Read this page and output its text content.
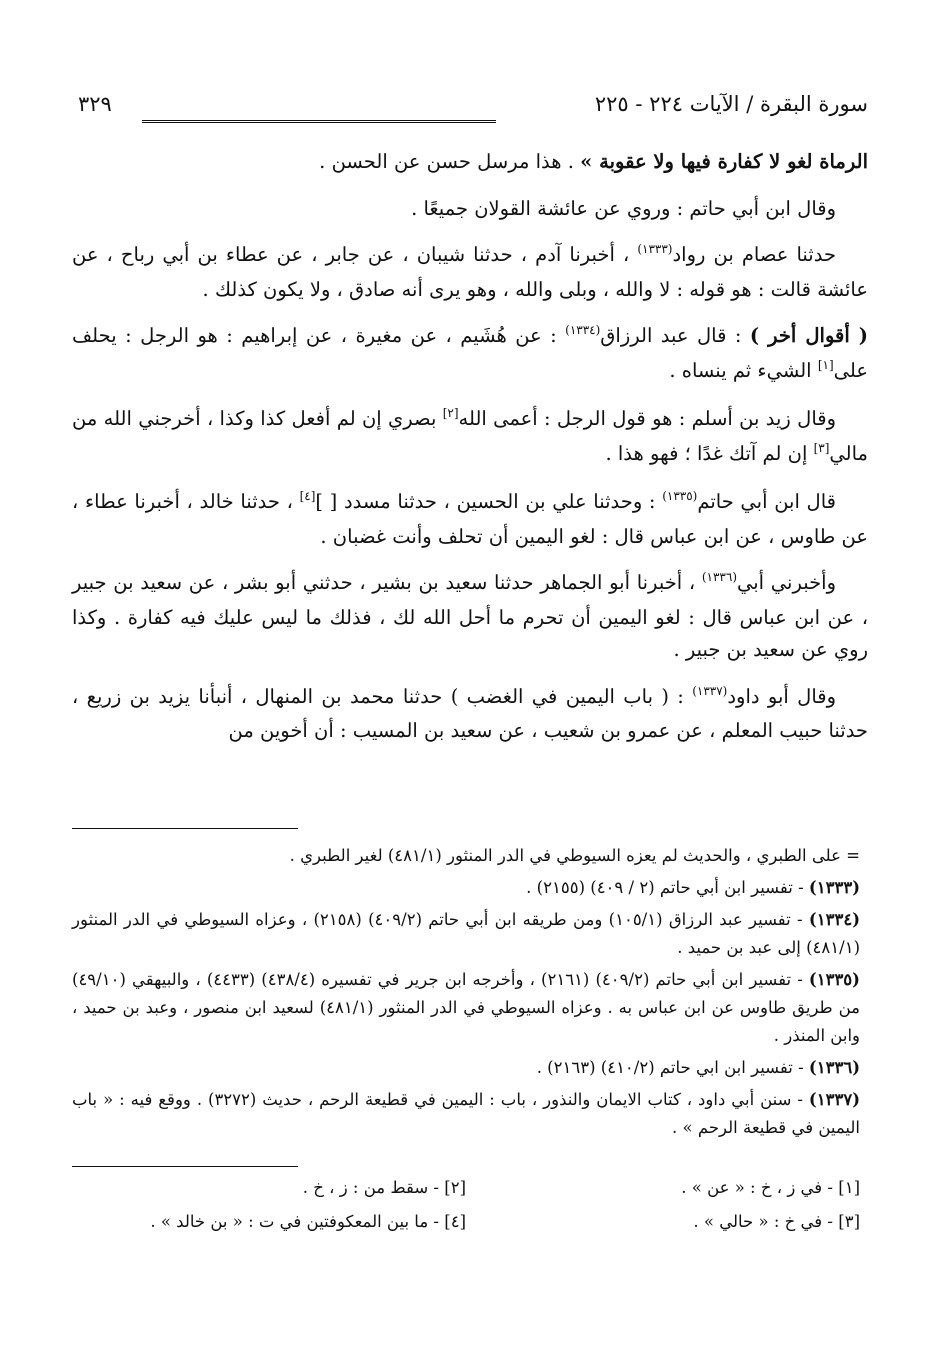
سورة البقرة / الآيات ٢٢٤ - ٢٢٥
٣٢٩

الرماة لغو لا كفارة فيها ولا عقوبة » . هذا مرسل حسن عن الحسن .

وقال ابن أبي حاتم : وروي عن عائشة القولان جميعًا .

حدثنا عصام بن رواد$^{(١٣٣٣)}$ ، أخبرنا آدم ، حدثنا شيبان ، عن جابر ، عن عطاء بن أبي رباح ، عن عائشة قالت : هو قوله : لا والله ، وبلى والله ، وهو يرى أنه صادق ، ولا يكون كذلك .

( أقوال أخر ) : قال عبد الرزاق$^{(١٣٣٤)}$ : عن هُشَيم ، عن مغيرة ، عن إبراهيم : هو الرجل : يحلف على[١] الشيء ثم ينساه .

وقال زيد بن أسلم : هو قول الرجل : أعمى الله[٢] بصري إن لم أفعل كذا وكذا ، أخرجني الله من مالي[٣] إن لم آتك غدًا ؛ فهو هذا .

قال ابن أبي حاتم$^{(١٣٣٥)}$ : وحدثنا علي بن الحسين ، حدثنا مسدد [ ][٤] ، حدثنا خالد ، أخبرنا عطاء ، عن طاوس ، عن ابن عباس قال : لغو اليمين أن تحلف وأنت غضبان .

وأخبرني أبي$^{(١٣٣٦)}$ ، أخبرنا أبو الجماهر حدثنا سعيد بن بشير ، حدثني أبو بشر ، عن سعيد بن جبير ، عن ابن عباس قال : لغو اليمين أن تحرم ما أحل الله لك ، فذلك ما ليس عليك فيه كفارة . وكذا روي عن سعيد بن جبير .

وقال أبو داود$^{(١٣٣٧)}$ : ( باب اليمين في الغضب ) حدثنا محمد بن المنهال ، أنبأنا يزيد بن زريع ، حدثنا حبيب المعلم ، عن عمرو بن شعيب ، عن سعيد بن المسيب : أن أخوين من

= على الطبري ، والحديث لم يعزه السيوطي في الدر المنثور (٤٨١/١) لغير الطبري .

(١٣٣٣) - تفسير ابن أبي حاتم (٢ / ٤٠٩) (٢١٥٥) .

(١٣٣٤) - تفسير عبد الرزاق (١٠٥/١) ومن طريقه ابن أبي حاتم (٤٠٩/٢) (٢١٥٨) ، وعزاه السيوطي في الدر المنثور (٤٨١/١) إلى عبد بن حميد .

(١٣٣٥) - تفسير ابن أبي حاتم (٤٠٩/٢) (٢١٦١) ، وأخرجه ابن جرير في تفسيره (٤٣٨/٤) (٤٤٣٣) ، والبيهقي (٤٩/١٠) من طريق طاوس عن ابن عباس به . وعزاه السيوطي في الدر المنثور (٤٨١/١) لسعيد ابن منصور ، وعبد بن حميد ، وابن المنذر .

(١٣٣٦) - تفسير ابن ابي حاتم (٤١٠/٢) (٢١٦٣) .

(١٣٣٧) - سنن أبي داود ، كتاب الايمان والنذور ، باب : اليمين في قطيعة الرحم ، حديث (٣٢٧٢) . ووقع فيه : « باب اليمين في قطيعة الرحم » .

[١] - في ز ، خ : « عن » .
[٢] - سقط من : ز ، خ .
[٣] - في خ : « حالي » .
[٤] - ما بين المعكوفتين في ت : « بن خالد » .
